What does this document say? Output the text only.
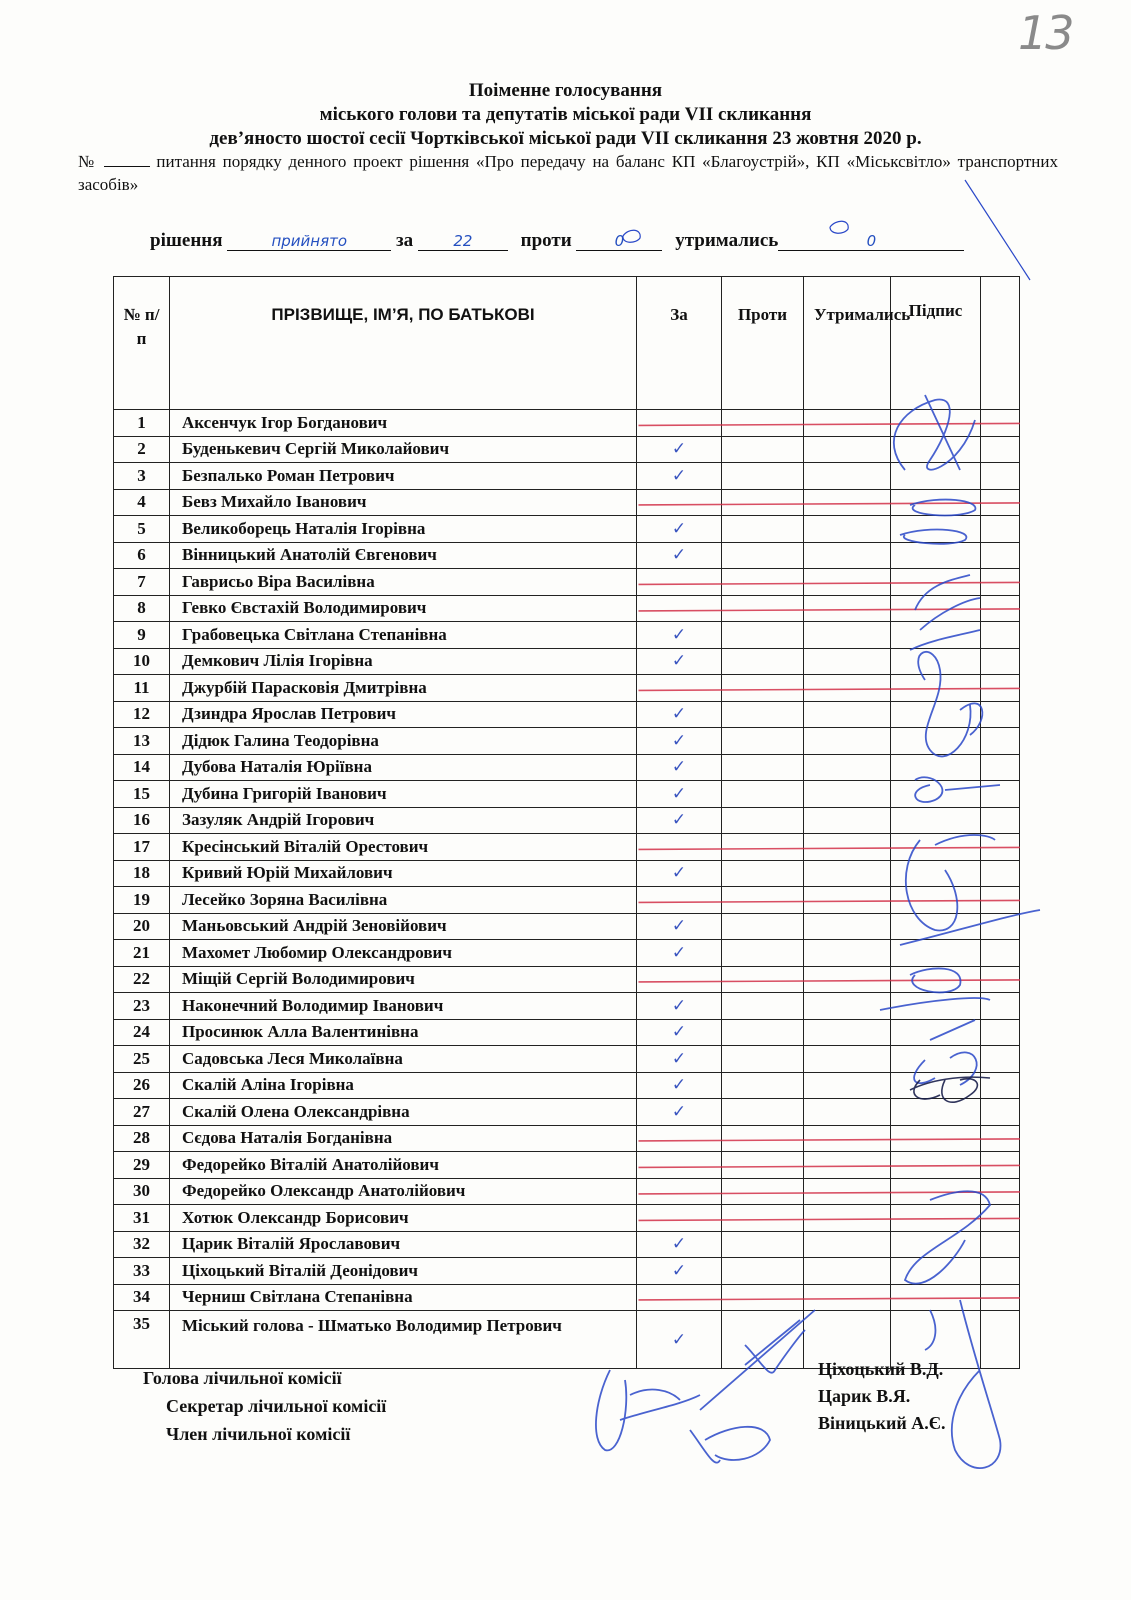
13
Поіменне голосування
міського голови та депутатів міської ради VII скликання
дев’яносто шостої сесії Чортківської міської ради VII скликання 23 жовтня 2020 р.
№	питання порядку денного проект рішення «Про передачу на баланс КП «Благоустрій», КП «Міськсвітло» транспортних засобів»
рішення	прийнято	за	22	проти	0	утримались	0
№ п/п	ПРІЗВИЩЕ, ІМ’Я, ПО БАТЬКОВІ	За	Проти	Утримались	Підпис	
1	Аксенчук Ігор Богданович					
2	Буденькевич Сергій Миколайович	✓				
3	Безпалько Роман Петрович	✓				
4	Бевз Михайло Іванович					
5	Великоборець Наталія Ігорівна	✓				
6	Вінницький Анатолій Євгенович	✓				
7	Гаврисьо Віра Василівна					
8	Гевко Євстахій Володимирович					
9	Грабовецька Світлана Степанівна	✓				
10	Демкович Лілія Ігорівна	✓				
11	Джурбій Парасковія Дмитрівна					
12	Дзиндра Ярослав Петрович	✓				
13	Дідюк Галина Теодорівна	✓				
14	Дубова Наталія Юріївна	✓				
15	Дубина Григорій Іванович	✓				
16	Зазуляк Андрій Ігорович	✓				
17	Кресінський Віталій Орестович					
18	Кривий Юрій Михайлович	✓				
19	Лесейко Зоряна Василівна					
20	Маньовський Андрій Зеновійович	✓				
21	Махомет Любомир Олександрович	✓				
22	Міщій Сергій Володимирович					
23	Наконечний Володимир Іванович	✓				
24	Просинюк Алла Валентинівна	✓				
25	Садовська Леся Миколаївна	✓				
26	Скалій Аліна Ігорівна	✓				
27	Скалій Олена Олександрівна	✓				
28	Сєдова Наталія Богданівна					
29	Федорейко Віталій Анатолійович					
30	Федорейко Олександр Анатолійович					
31	Хотюк Олександр Борисович					
32	Царик Віталій Ярославович	✓				
33	Ціхоцький Віталій Деонідович	✓				
34	Черниш Світлана Степанівна					
35	Міський голова - Шматько Володимир Петрович	✓				
Голова лічильної комісії
Секретар лічильної комісії
Член лічильної комісії
Ціхоцький В.Д.
Царик В.Я.
Віницький А.Є.
